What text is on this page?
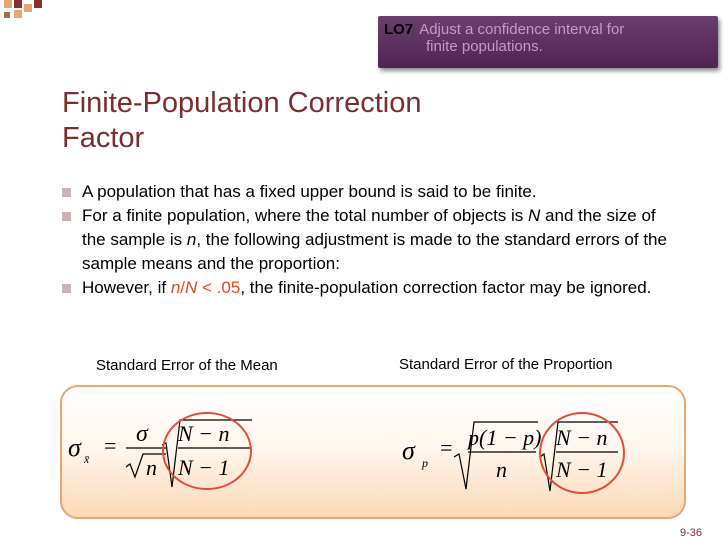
LO7 Adjust a confidence interval for
finite populations.
Finite-Population Correction
Factor
A population that has a fixed upper bound is said to be finite.
For a finite population, where the total number of objects is N and the size of the sample is n, the following adjustment is made to the standard errors of the sample means and the proportion:
However, if n/N < .05, the finite-population correction factor may be ignored.
Standard Error of the Mean	Standard Error of the Proportion
σ x̄
= σ
n
N − n
N − 1
σ p
= p(1 − p)
n
N − n
N − 1
9-36
